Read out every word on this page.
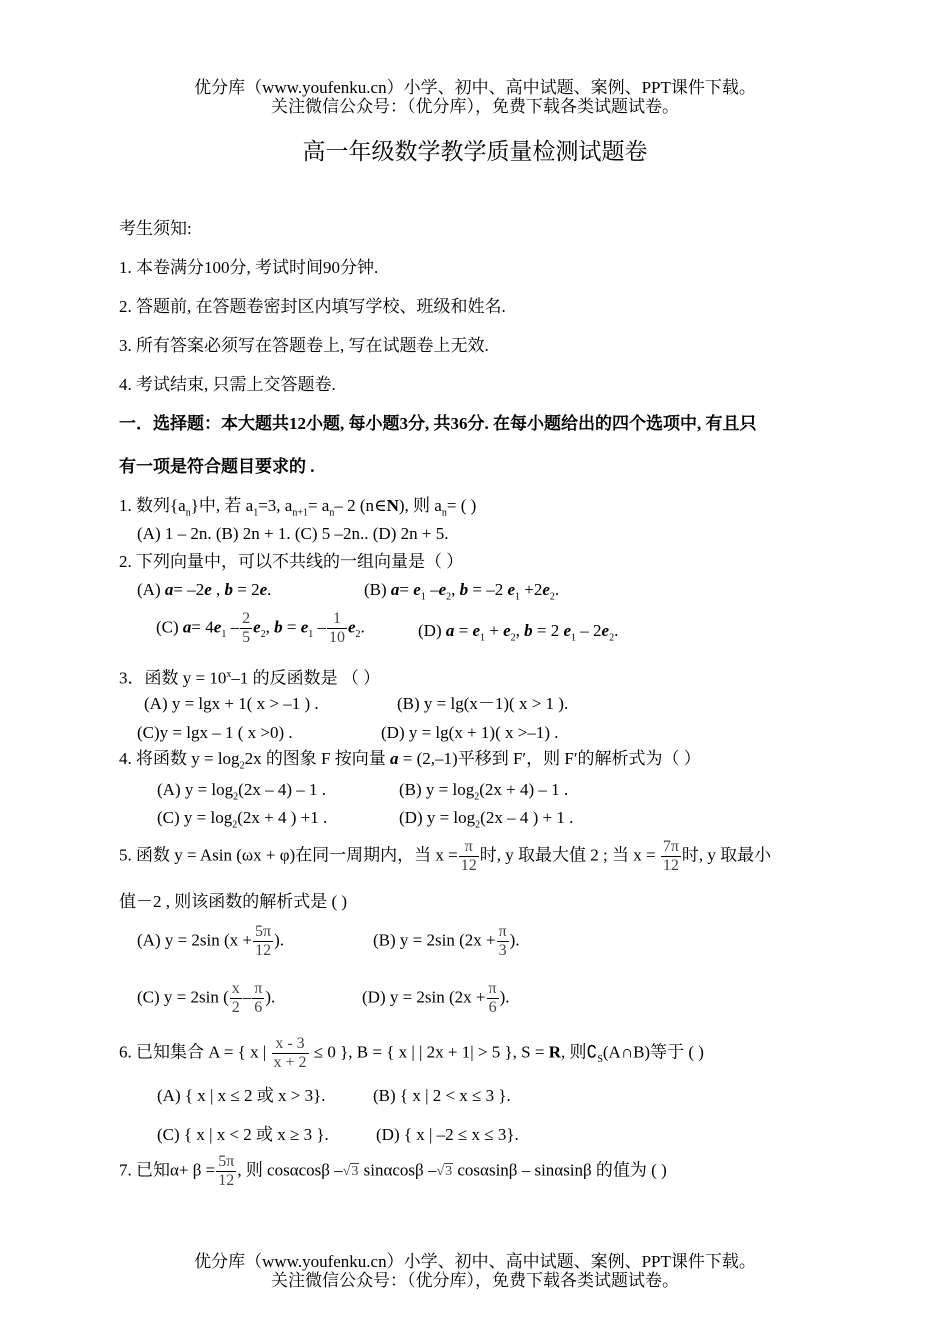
优分库（www.youfenku.cn）小学、初中、高中试题、案例、PPT课件下载。
关注微信公众号：（优分库），免费下载各类试题试卷。
高一年级数学教学质量检测试题卷
考生须知:
1. 本卷满分100分, 考试时间90分钟.
2. 答题前, 在答题卷密封区内填写学校、班级和姓名.
3. 所有答案必须写在答题卷上, 写在试题卷上无效.
4. 考试结束, 只需上交答题卷.
一．选择题：本大题共12小题, 每小题3分, 共36分. 在每小题给出的四个选项中, 有且只
有一项是符合题目要求的 .
1. 数列$\{a_n\}$中, 若 $a_1=3$, $a_{n+1}= a_n-$ 2 (n∈N), 则 $a_n=$ ( )
(A) 1 – 2n. (B) 2n + 1. (C) 5 –2n.. (D) 2n + 5.
2. 下列向量中，可以不共线的一组向量是（ ）
(A) a= –2e , b = 2e.	(B) $a= e_1$ $-e_2$, b = –2 $e_1 +2e_2$.
(C) $a= 4e_1 - \frac{2}{5} e_2$, $b = e_1 - \frac{1}{10} e_2$.	(D) $a = e_1 + e_2$, b = 2 $e_1 - 2e_2$.
3．函数 $y = 10^x-1$ 的反函数是 （ ）
(A) y = lgx + 1( x > –1 ) .	(B) y = lg(x－1)( x > 1 ).
(C)y = lgx – 1 ( x >0) .	(D) y = lg(x + 1)( x >–1) .
4. 将函数 $y = \log_22x$ 的图象 F 按向量 a = (2,–1)平移到 F′，则 F′的解析式为（ ）
(A) $y = \log_2(2x - 4) - 1$ .	(B) $y = \log_2(2x + 4) - 1$ .
(C) $y = \log_2(2x + 4$ ) +1 .	(D) $y = \log_2(2x - 4$ ) + 1 .
5. 函数 y = Asin (ωx + φ)在同一周期内，当 $x = \frac{\pi}{12}$ 时, y 取最大值 2 ; 当 $x = \frac{7\pi}{12}$ 时, y 取最小
值－2 , 则该函数的解析式是 ( )
(A) y = 2sin ($x + \frac{5\pi}{12}$ ).	(B) y = 2sin ($2x + \frac{\pi}{3}$ ).
(C) y = 2sin ( $\frac{x}{2} - \frac{\pi}{6}$ ).	(D) y = 2sin ($2x + \frac{\pi}{6}$ ).
6. 已知集合 A = { x | $\frac{x - 3}{x + 2} \le 0$ }, B = { x | | 2x + 1| > 5 }, S = R, 则$∁_S(A\cap B)$等于 ( )
(A) { x | x ≤ 2 或 x > 3}.	(B) { x | 2 < x ≤ 3 }.
(C) { x | x < 2 或 x ≥ 3 }.	(D) { x | –2 ≤ x ≤ 3}.
7. 已知$\alpha+ \beta = \frac{5\pi}{12}$ , 则 cosαcosβ –√3 sinαcosβ –√3 cosαsinβ – sinαsinβ 的值为 ( )
优分库（www.youfenku.cn）小学、初中、高中试题、案例、PPT课件下载。
关注微信公众号：（优分库），免费下载各类试题试卷。
